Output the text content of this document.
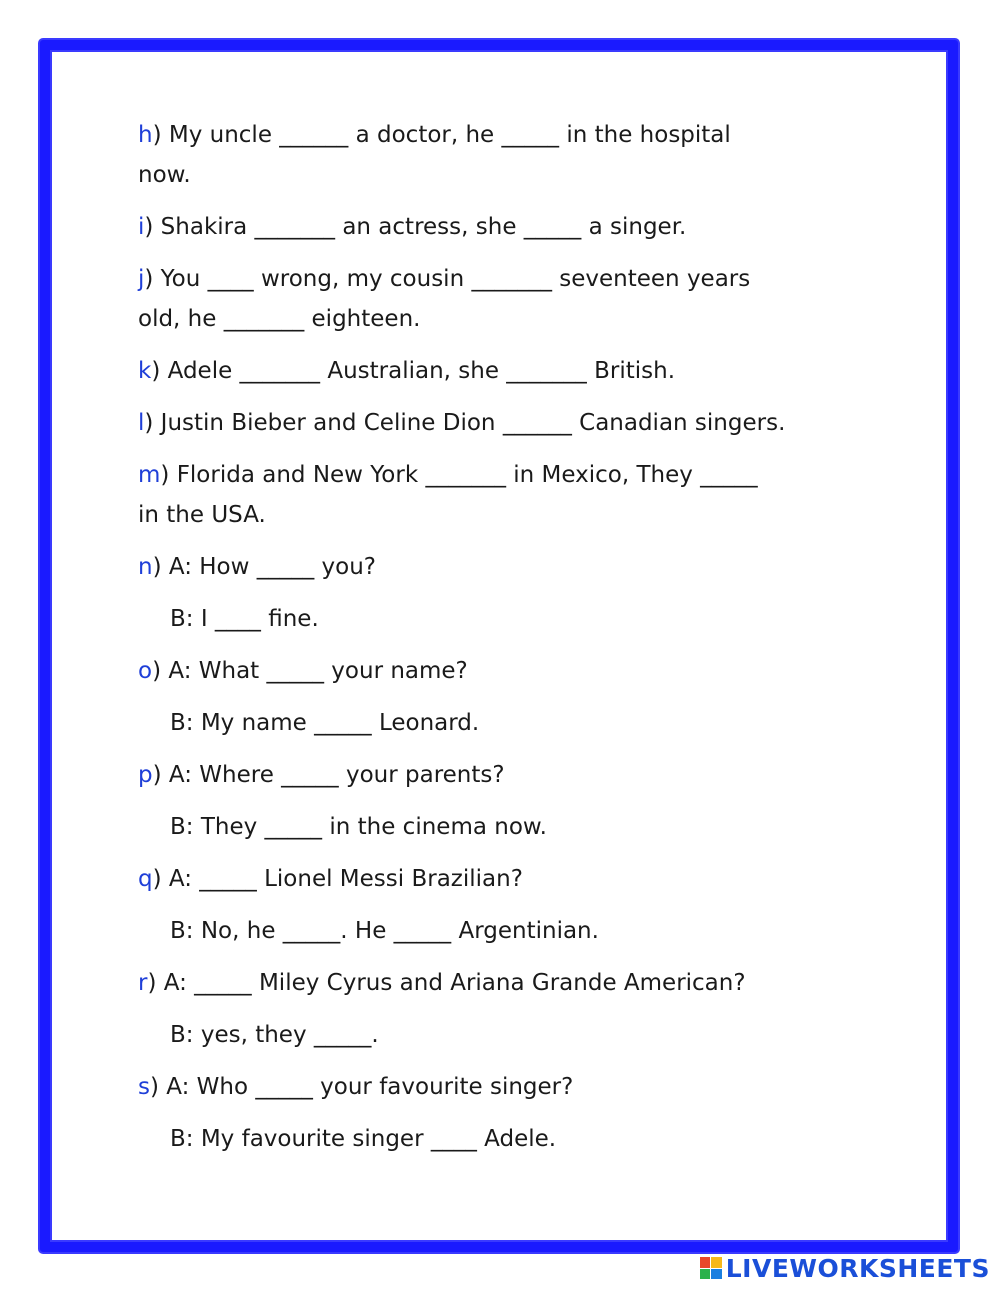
h) My uncle ______ a doctor, he _____ in the hospital
now.
i) Shakira _______ an actress, she _____ a singer.
j) You ____ wrong, my cousin _______ seventeen years
old, he _______ eighteen.
k) Adele _______ Australian, she _______ British.
l) Justin Bieber and Celine Dion ______ Canadian singers.
m) Florida and New York _______ in Mexico, They _____
in the USA.
n) A: How _____ you?
B: I ____ fine.
o) A: What _____ your name?
B: My name _____ Leonard.
p) A: Where _____ your parents?
B: They _____ in the cinema now.
q) A: _____ Lionel Messi Brazilian?
B: No, he _____. He _____ Argentinian.
r) A: _____ Miley Cyrus and Ariana Grande American?
B: yes, they _____.
s) A: Who _____ your favourite singer?
B: My favourite singer ____ Adele.
LIVEWORKSHEETS
